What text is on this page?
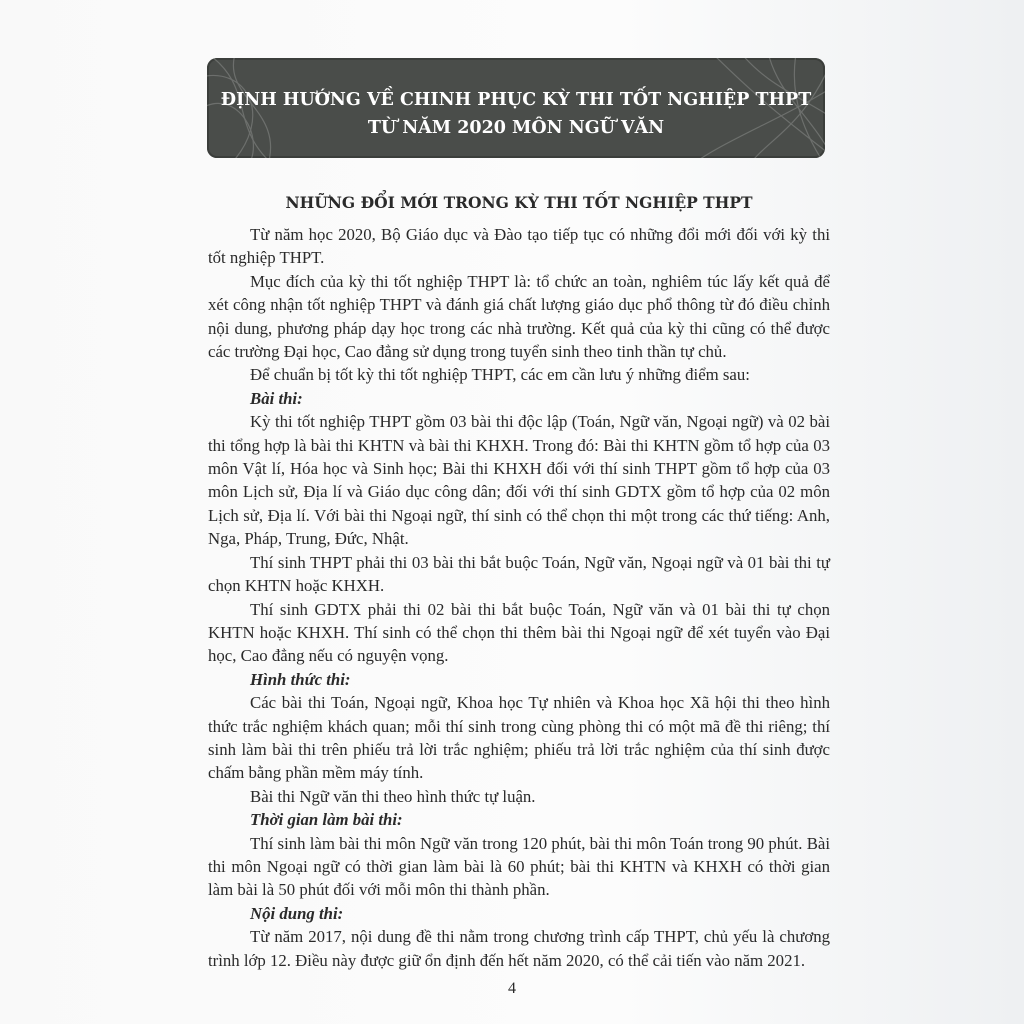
ĐỊNH HƯỚNG VỀ CHINH PHỤC KỲ THI TỐT NGHIỆP THPT
TỪ NĂM 2020 MÔN NGỮ VĂN
NHỮNG ĐỔI MỚI TRONG KỲ THI TỐT NGHIỆP THPT

Từ năm học 2020, Bộ Giáo dục và Đào tạo tiếp tục có những đổi mới đối với kỳ thi tốt nghiệp THPT.

Mục đích của kỳ thi tốt nghiệp THPT là: tổ chức an toàn, nghiêm túc lấy kết quả để xét công nhận tốt nghiệp THPT và đánh giá chất lượng giáo dục phổ thông từ đó điều chỉnh nội dung, phương pháp dạy học trong các nhà trường. Kết quả của kỳ thi cũng có thể được các trường Đại học, Cao đẳng sử dụng trong tuyển sinh theo tinh thần tự chủ.

Để chuẩn bị tốt kỳ thi tốt nghiệp THPT, các em cần lưu ý những điểm sau:

Bài thi:

Kỳ thi tốt nghiệp THPT gồm 03 bài thi độc lập (Toán, Ngữ văn, Ngoại ngữ) và 02 bài thi tổng hợp là bài thi KHTN và bài thi KHXH. Trong đó: Bài thi KHTN gồm tổ hợp của 03 môn Vật lí, Hóa học và Sinh học; Bài thi KHXH đối với thí sinh THPT gồm tổ hợp của 03 môn Lịch sử, Địa lí và Giáo dục công dân; đối với thí sinh GDTX gồm tổ hợp của 02 môn Lịch sử, Địa lí. Với bài thi Ngoại ngữ, thí sinh có thể chọn thi một trong các thứ tiếng: Anh, Nga, Pháp, Trung, Đức, Nhật.

Thí sinh THPT phải thi 03 bài thi bắt buộc Toán, Ngữ văn, Ngoại ngữ và 01 bài thi tự chọn KHTN hoặc KHXH.

Thí sinh GDTX phải thi 02 bài thi bắt buộc Toán, Ngữ văn và 01 bài thi tự chọn KHTN hoặc KHXH. Thí sinh có thể chọn thi thêm bài thi Ngoại ngữ để xét tuyển vào Đại học, Cao đẳng nếu có nguyện vọng.

Hình thức thi:

Các bài thi Toán, Ngoại ngữ, Khoa học Tự nhiên và Khoa học Xã hội thi theo hình thức trắc nghiệm khách quan; mỗi thí sinh trong cùng phòng thi có một mã đề thi riêng; thí sinh làm bài thi trên phiếu trả lời trắc nghiệm; phiếu trả lời trắc nghiệm của thí sinh được chấm bằng phần mềm máy tính.

Bài thi Ngữ văn thi theo hình thức tự luận.

Thời gian làm bài thi:

Thí sinh làm bài thi môn Ngữ văn trong 120 phút, bài thi môn Toán trong 90 phút. Bài thi môn Ngoại ngữ có thời gian làm bài là 60 phút; bài thi KHTN và KHXH có thời gian làm bài là 50 phút đối với mỗi môn thi thành phần.

Nội dung thi:

Từ năm 2017, nội dung đề thi nằm trong chương trình cấp THPT, chủ yếu là chương trình lớp 12. Điều này được giữ ổn định đến hết năm 2020, có thể cải tiến vào năm 2021.

4
